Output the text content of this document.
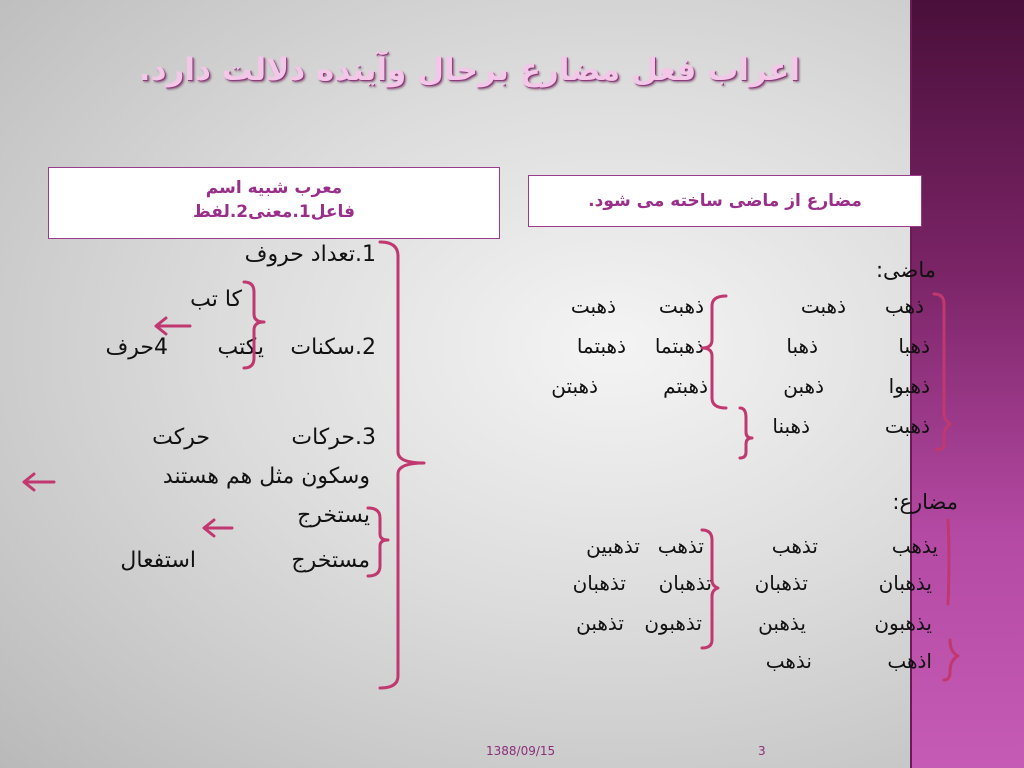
اعراب فعل مضارع برحال وآینده دلالت دارد.
معرب شبیه اسم
فاعل1.معنی2.لفظ
مضارع از ماضی ساخته می شود.
1.تعداد حروف
کا تب
2.سکنات
یکتب
4حرف
3.حرکات
حرکت
وسکون مثل هم هستند
یستخرج
مستخرج
استفعال
ماضی:
ذهب
ذهبت
ذهبت
ذهبت
ذهبا
ذهبا
ذهبتما
ذهبتما
ذهبوا
ذهبن
ذهبتم
ذهبتن
ذهبت
ذهبنا
مضارع:
یذهب
تذهب
تذهب
تذهبین
یذهبان
تذهبان
تذهبان
تذهبان
یذهبون
یذهبن
تذهبون
تذهبن
اذهب
نذهب
1388/09/15	3
